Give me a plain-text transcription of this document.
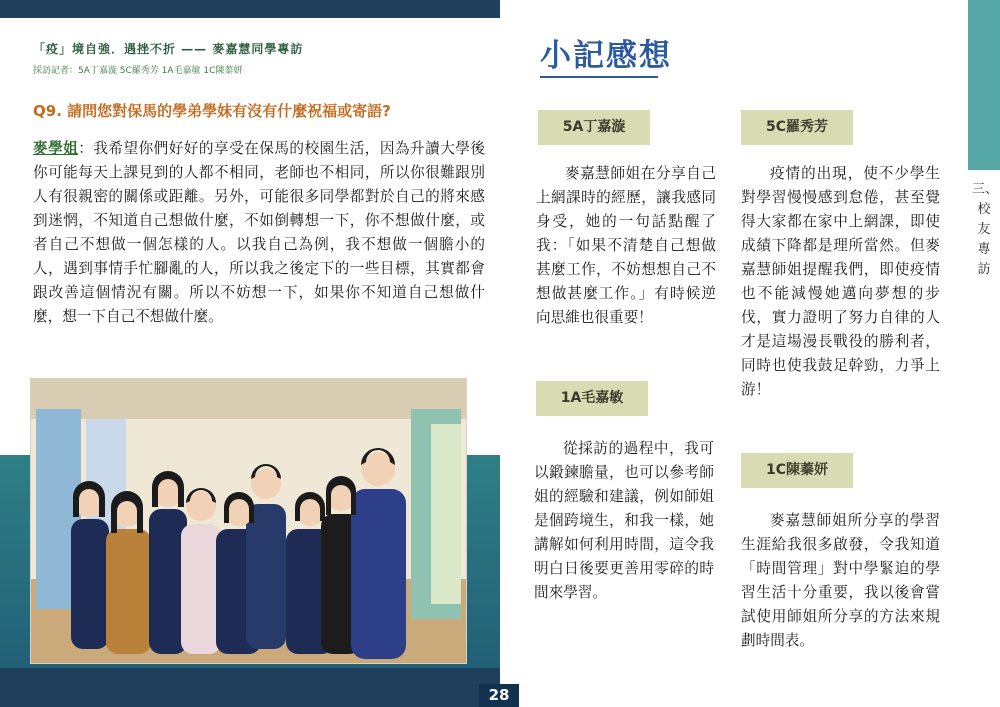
「疫」境自強．遇挫不折 —— 麥嘉慧同學專訪
採訪記者：5A丁嘉漩 5C羅秀芳 1A毛嘉敏 1C陳蓁妍
Q9. 請問您對保馬的學弟學妹有沒有什麼祝福或寄語?
麥學姐：我希望你們好好的享受在保馬的校園生活，因為升讀大學後你可能每天上課見到的人都不相同，老師也不相同，所以你很難跟別人有很親密的關係或距離。另外，可能很多同學都對於自己的將來感到迷惘，不知道自己想做什麼，不如倒轉想一下，你不想做什麼，或者自己不想做一個怎樣的人。以我自己為例，我不想做一個膽小的人，遇到事情手忙腳亂的人，所以我之後定下的一些目標，其實都會跟改善這個情況有關。所以不妨想一下，如果你不知道自己想做什麼，想一下自己不想做什麼。
28
三、校友專訪
小記感想
5A丁嘉漩
麥嘉慧師姐在分享自己上網課時的經歷，讓我感同身受，她的一句話點醒了我：「如果不清楚自己想做甚麼工作，不妨想想自己不想做甚麼工作。」有時候逆向思維也很重要！
1A毛嘉敏
從採訪的過程中，我可以鍛鍊膽量，也可以參考師姐的經驗和建議，例如師姐是個跨境生，和我一樣，她講解如何利用時間，這令我明白日後要更善用零碎的時間來學習。
5C羅秀芳
疫情的出現，使不少學生對學習慢慢感到怠倦，甚至覺得大家都在家中上網課，即使成績下降都是理所當然。但麥嘉慧師姐提醒我們，即使疫情也不能減慢她邁向夢想的步伐，實力證明了努力自律的人才是這場漫長戰役的勝利者，同時也使我鼓足幹勁，力爭上游！
1C陳蓁妍
麥嘉慧師姐所分享的學習生涯給我很多啟發，令我知道「時間管理」對中學緊迫的學習生活十分重要，我以後會嘗試使用師姐所分享的方法來規劃時間表。
